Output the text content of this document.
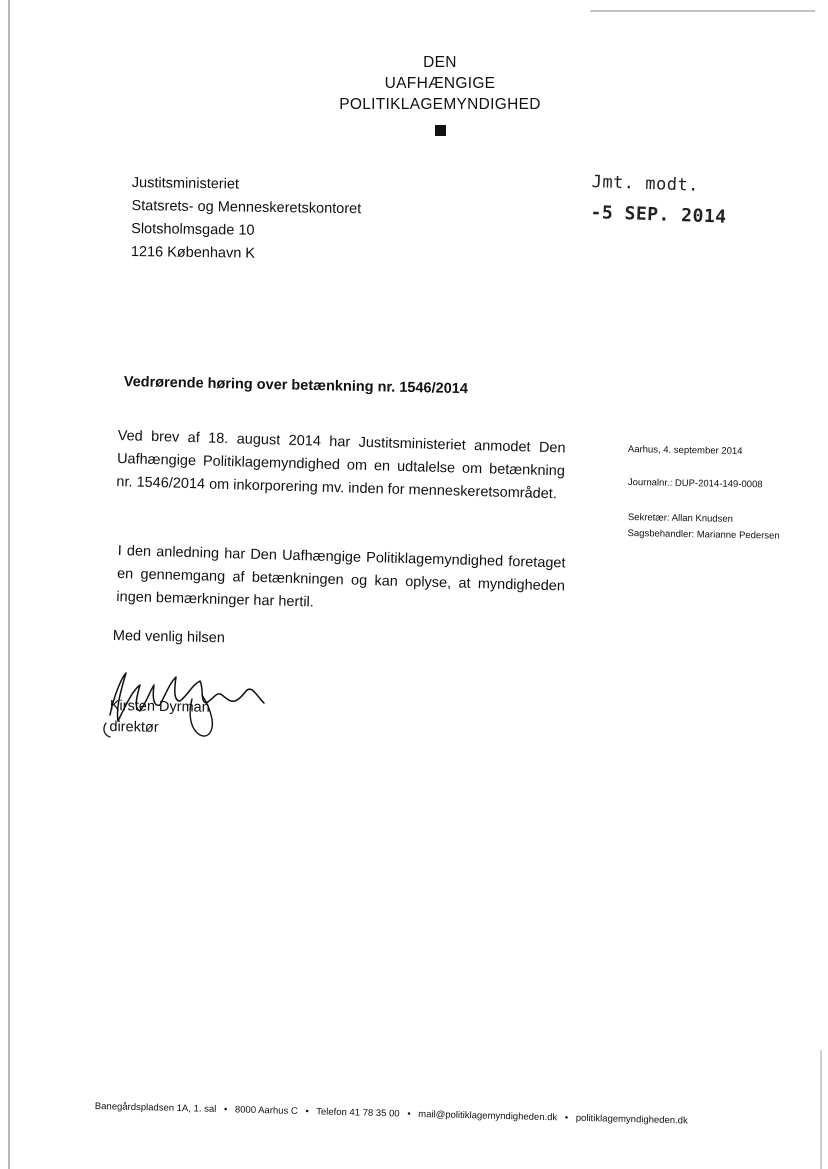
DEN
UAFHÆNGIGE
POLITIKLAGEMYNDIGHED
Justitsministeriet
Statsrets- og Menneskeretskontoret
Slotsholmsgade 10
1216 København K
Jmt. modt.
-5 SEP. 2014
Vedrørende høring over betænkning nr. 1546/2014
Ved brev af 18. august 2014 har Justitsministeriet anmodet Den Uafhængige Politiklagemyndighed om en udtalelse om betænkning nr. 1546/2014 om inkorporering mv. inden for menneskeretsområdet.
I den anledning har Den Uafhængige Politiklagemyndighed foretaget en gennemgang af betænkningen og kan oplyse, at myndigheden ingen bemærkninger har hertil.
Med venlig hilsen
Kirsten Dyrman
direktør
Aarhus, 4. september 2014
Journalnr.: DUP-2014-149-0008
Sekretær: Allan Knudsen
Sagsbehandler: Marianne Pedersen
Banegårdspladsen 1A, 1. sal • 8000 Aarhus C • Telefon 41 78 35 00 • mail@politiklagemyndigheden.dk • politiklagemyndigheden.dk
